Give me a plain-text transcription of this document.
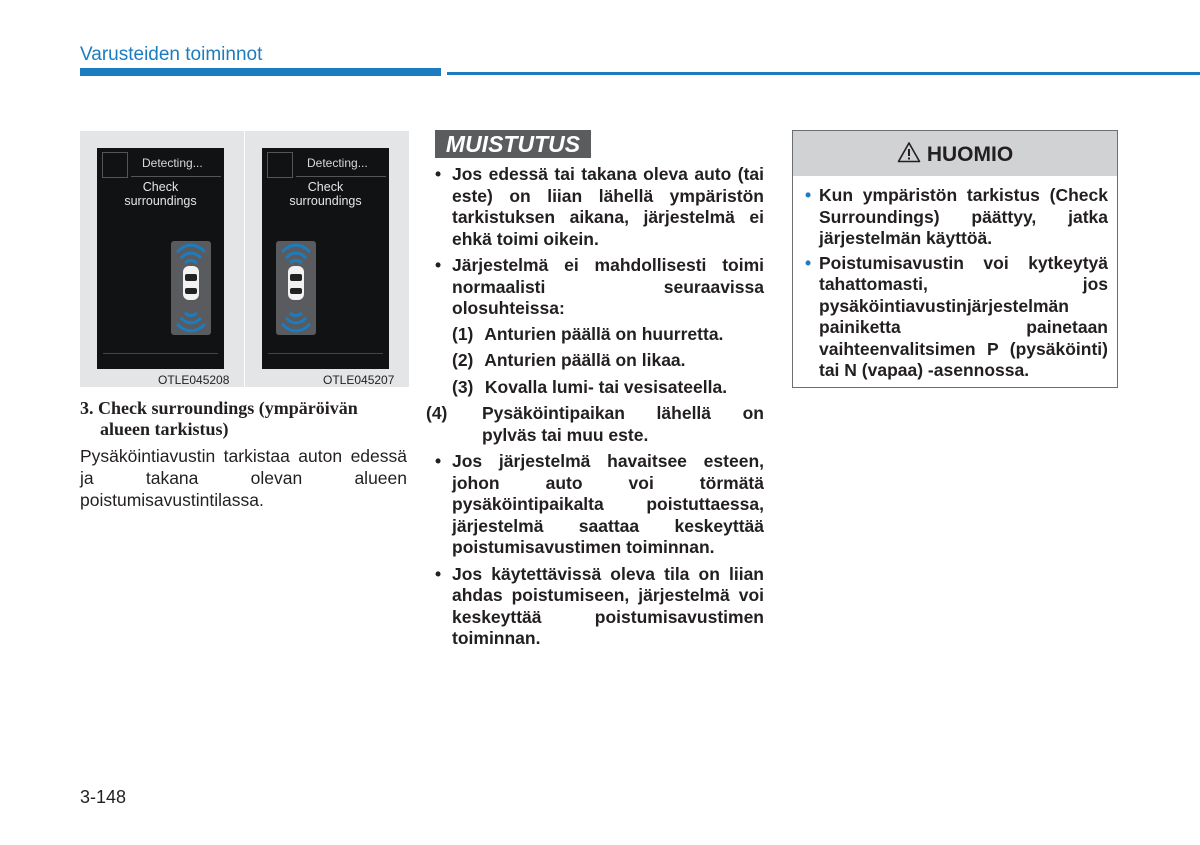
Varusteiden toiminnot
Detecting...
Check
surroundings
OTLE045208
Detecting...
Check
surroundings
OTLE045207
3. Check surroundings (ympäröivän
alueen tarkistus)
Pysäköintiavustin tarkistaa auton edessä ja takana olevan alueen poistumisavustintilassa.
MUISTUTUS
• Jos edessä tai takana oleva auto (tai este) on liian lähellä ympäristön tarkistuksen aikana, järjestelmä ei ehkä toimi oikein.
• Järjestelmä ei mahdollisesti toimi normaalisti seuraavissa olosuhteissa:
(1) Anturien päällä on huurretta.
(2) Anturien päällä on likaa.
(3) Kovalla lumi- tai vesisateella.
(4) Pysäköintipaikan lähellä on pylväs tai muu este.
• Jos järjestelmä havaitsee esteen, johon auto voi törmätä pysäköintipaikalta poistuttaessa, järjestelmä saattaa keskeyttää poistumisavustimen toiminnan.
• Jos käytettävissä oleva tila on liian ahdas poistumiseen, järjestelmä voi keskeyttää poistumisavustimen toiminnan.
HUOMIO
• Kun ympäristön tarkistus (Check Surroundings) päättyy, jatka järjestelmän käyttöä.
• Poistumisavustin voi kytkeytyä tahattomasti, jos pysäköintiavustinjärjestelmän painiketta painetaan vaihteenvalitsimen P (pysäköinti) tai N (vapaa) -asennossa.
3-148
